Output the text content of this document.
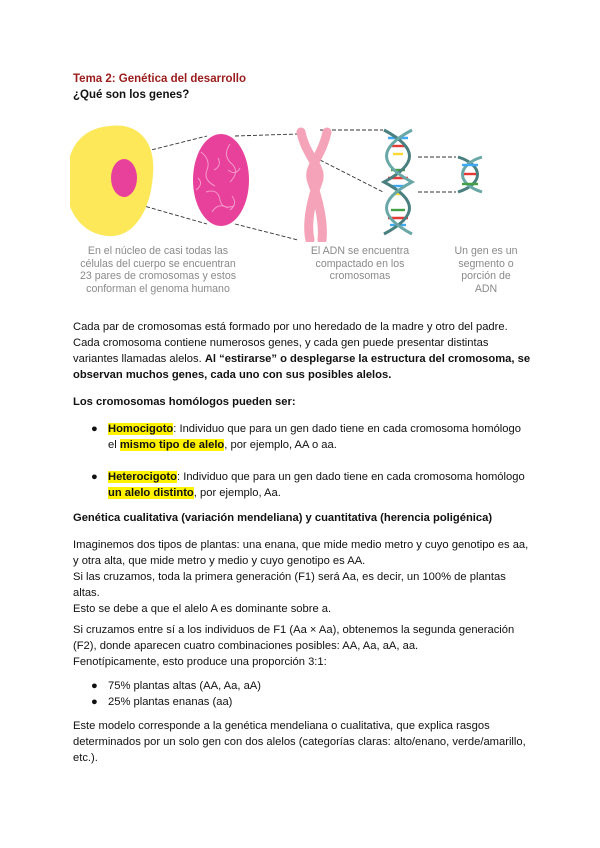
Tema 2: Genética del desarrollo
¿Qué son los genes?
En el núcleo de casi todas las
células del cuerpo se encuentran
23 pares de cromosomas y estos
conforman el genoma humano
El ADN se encuentra
compactado en los
cromosomas
Un gen es un
segmento o
porción de
ADN

Cada par de cromosomas está formado por uno heredado de la madre y otro del padre.

Cada cromosoma contiene numerosos genes, y cada gen puede presentar distintas

variantes llamadas alelos. Al “estirarse” o desplegarse la estructura del cromosoma, se

observan muchos genes, cada uno con sus posibles alelos.

Los cromosomas homólogos pueden ser:
● Homocigoto: Individuo que para un gen dado tiene en cada cromosoma homólogo
el mismo tipo de alelo, por ejemplo, AA o aa.
● Heterocigoto: Individuo que para un gen dado tiene en cada cromosoma homólogo
un alelo distinto, por ejemplo, Aa.
Genética cualitativa (variación mendeliana) y cuantitativa (herencia poligénica)

Imaginemos dos tipos de plantas: una enana, que mide medio metro y cuyo genotipo es aa,

y otra alta, que mide metro y medio y cuyo genotipo es AA.

Si las cruzamos, toda la primera generación (F1) será Aa, es decir, un 100% de plantas

altas.

Esto se debe a que el alelo A es dominante sobre a.

Si cruzamos entre sí a los individuos de F1 (Aa × Aa), obtenemos la segunda generación

(F2), donde aparecen cuatro combinaciones posibles: AA, Aa, aA, aa.

Fenotípicamente, esto produce una proporción 3:1:

● 75% plantas altas (AA, Aa, aA)
● 25% plantas enanas (aa)

Este modelo corresponde a la genética mendeliana o cualitativa, que explica rasgos

determinados por un solo gen con dos alelos (categorías claras: alto/enano, verde/amarillo,

etc.).
